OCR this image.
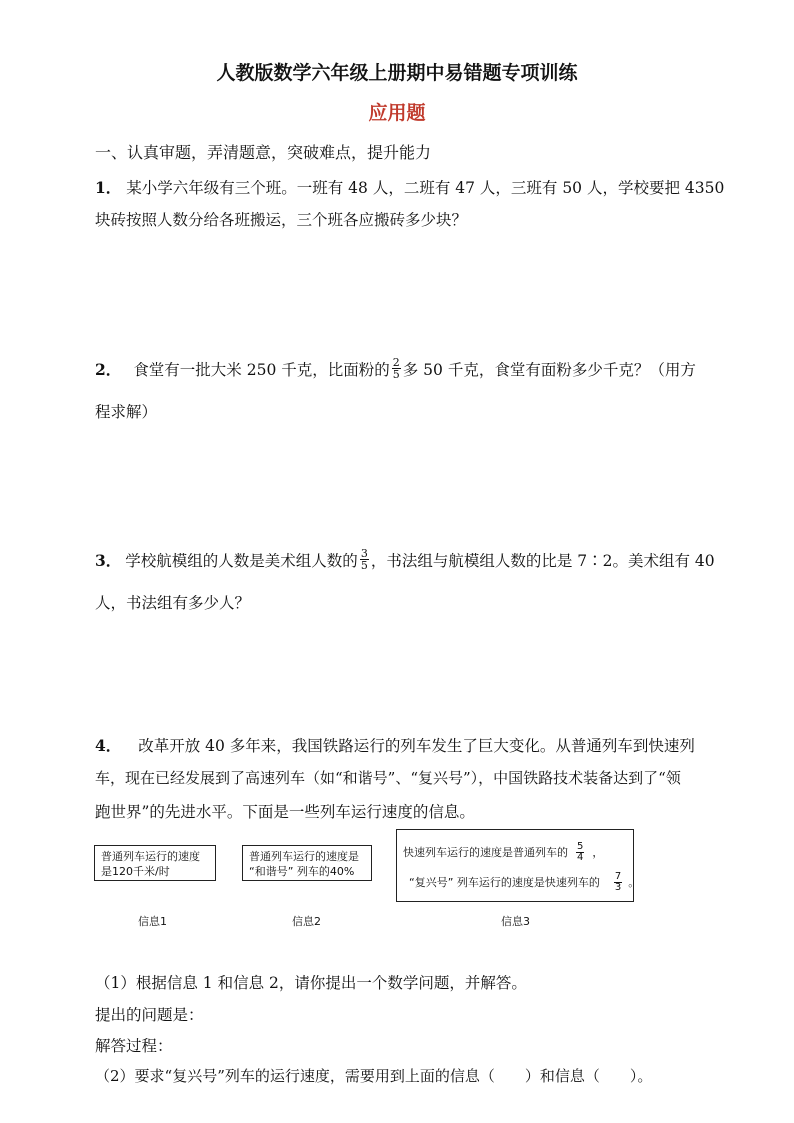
人教版数学六年级上册期中易错题专项训练
应用题
一、认真审题，弄清题意，突破难点，提升能力
1． 某小学六年级有三个班。一班有 48 人，二班有 47 人，三班有 50 人，学校要把 4350
块砖按照人数分给各班搬运，三个班各应搬砖多少块？
2． 食堂有一批大米 250 千克，比面粉的 $\frac{2}{5}$ 多 50 千克，食堂有面粉多少千克？（用方
程求解）
3． 学校航模组的人数是美术组人数的 $\frac{3}{5}$ ，书法组与航模组人数的比是 7∶2。美术组有 40
人，书法组有多少人？
4． 改革开放 40 多年来，我国铁路运行的列车发生了巨大变化。从普通列车到快速列
车，现在已经发展到了高速列车（如“和谐号”、“复兴号”），中国铁路技术装备达到了“领
跑世界”的先进水平。下面是一些列车运行速度的信息。
普通列车运行的速度
是120千米/时
信息1
普通列车运行的速度是
“和谐号” 列车的40%
信息2
快速列车运行的速度是普通列车的 $\frac{5}{4}$ ，
“复兴号” 列车运行的速度是快速列车的 $\frac{7}{3}$ 。
信息3
（1）根据信息 1 和信息 2，请你提出一个数学问题，并解答。
提出的问题是：
解答过程：
（2）要求“复兴号”列车的运行速度，需要用到上面的信息（　　）和信息（　　）。
